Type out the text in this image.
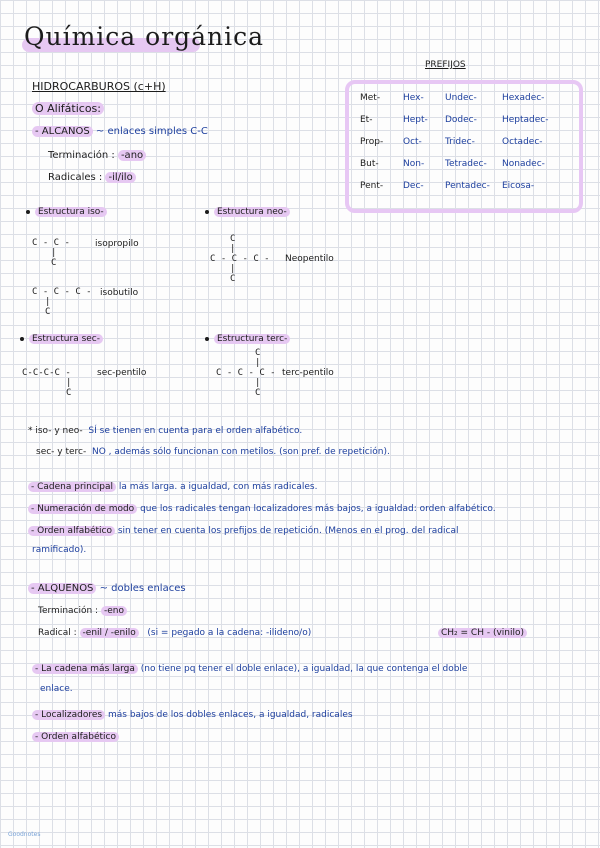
Química orgánica
HIDROCARBUROS (c+H)
O Alifáticos:
- ALCANOS ~ enlaces simples C-C
Terminación : -ano
Radicales : -il/ilo
PREFIJOS
Met-	Hex- Undec-	Hexadec-
Et-	Hept- Dodec-	Heptadec-
Prop- Oct-	Tridec-	Octadec-
But-	Non- Tetradec- Nonadec-
Pent- Dec- Pentadec- Eicosa-
Estructura iso-
C - C -
|
C
isopropilo
C - C - C -
|
C
isobutilo
Estructura neo-
C
|
C - C - C -
|
C
Neopentilo
Estructura sec-
C-C-C-C -
|
C
sec-pentilo
Estructura terc-
C
|
C - C - C -
|
C
terc-pentilo
* iso- y neo- SÍ se tienen en cuenta para el orden alfabético.
sec- y terc- NO , además sólo funcionan con metilos. (son pref. de repetición).
- Cadena principal la más larga. a igualdad, con más radicales.
- Numeración de modo que los radicales tengan localizadores más bajos, a igualdad: orden alfabético.
- Orden alfabético sin tener en cuenta los prefijos de repetición. (Menos en el prog. del radical
ramificado).
- ALQUENOS ~ dobles enlaces
Terminación : -eno
Radical : -enil / -enilo (si = pegado a la cadena: -ilideno/o)	CH₂ = CH - (vinilo)
- La cadena más larga (no tiene pq tener el doble enlace), a igualdad, la que contenga el doble
enlace.
- Localizadores más bajos de los dobles enlaces, a igualdad, radicales
- Orden alfabético
Goodnotes
